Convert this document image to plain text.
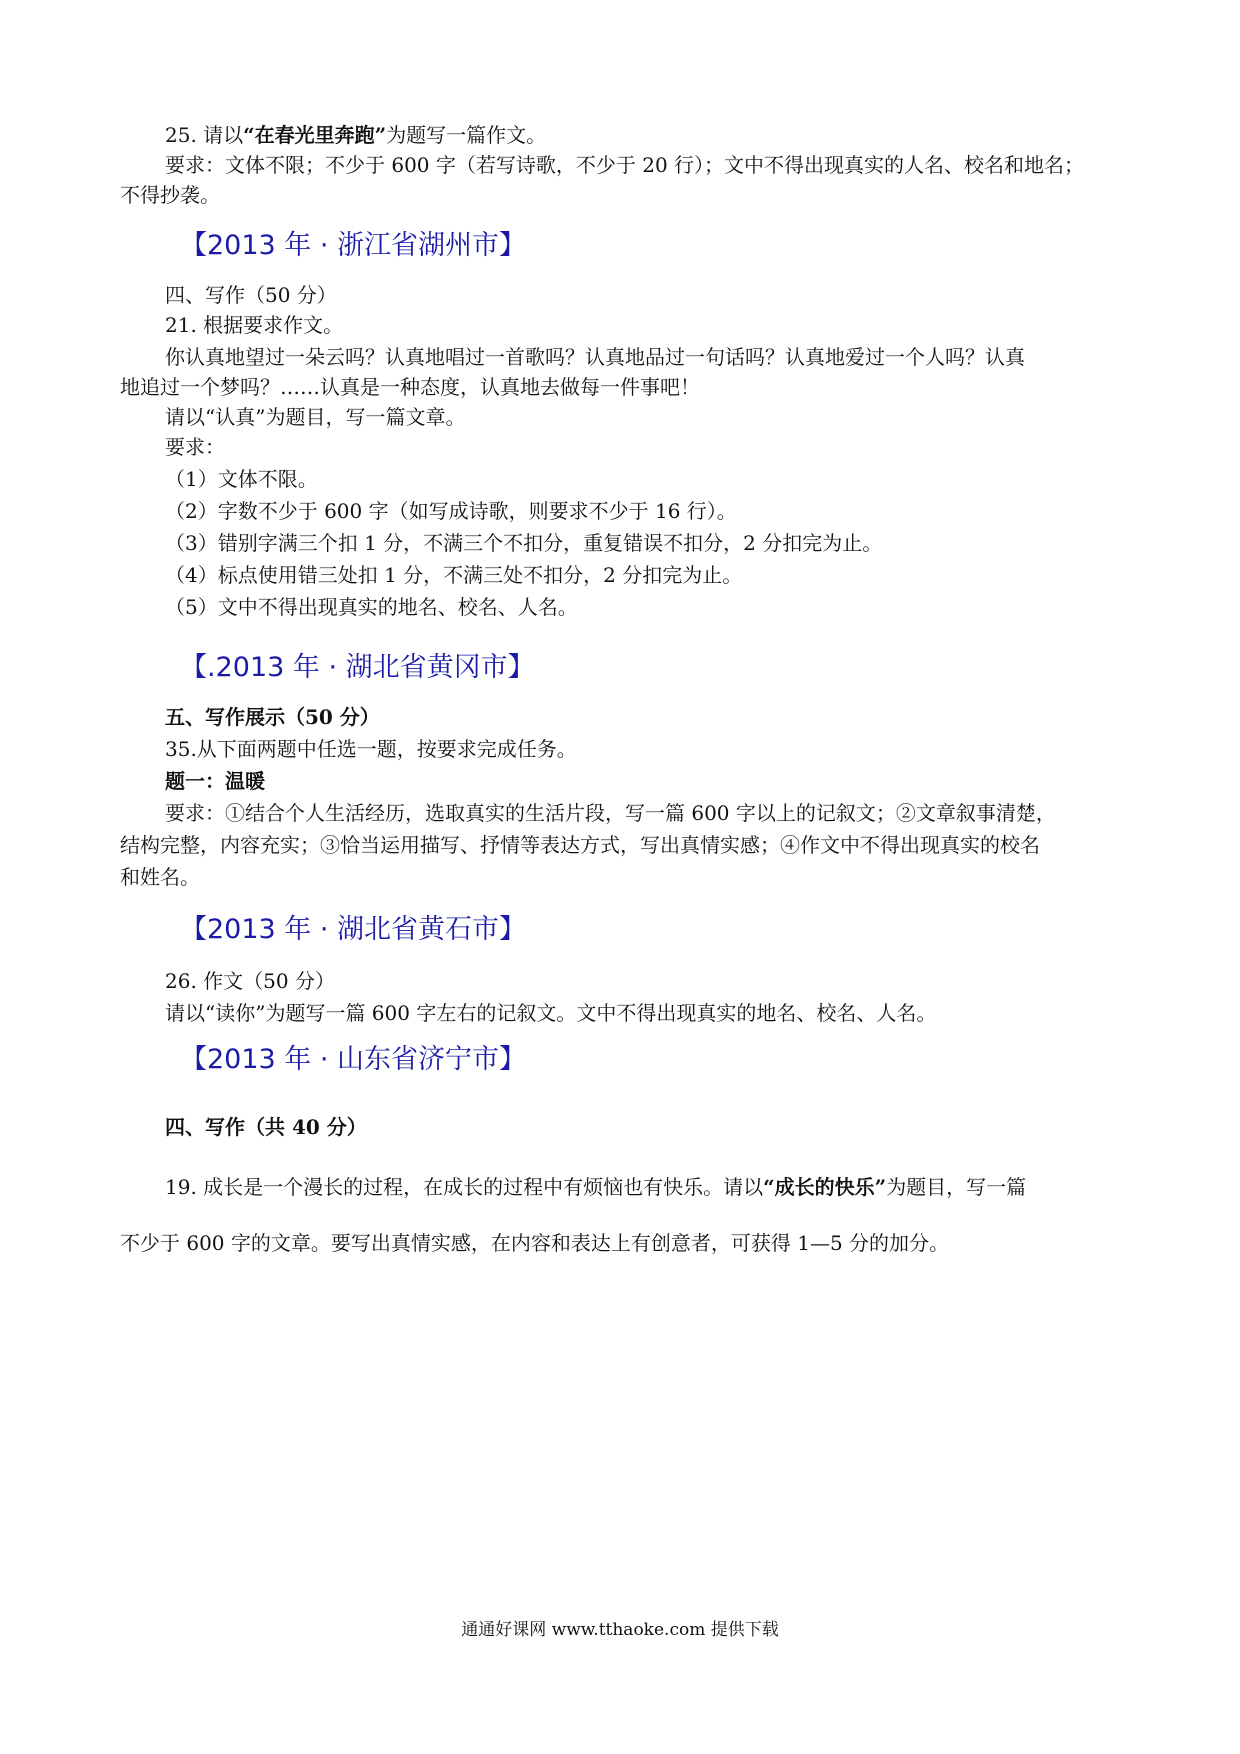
25. 请以“在春光里奔跑”为题写一篇作文。
要求：文体不限；不少于 600 字（若写诗歌，不少于 20 行）；文中不得出现真实的人名、校名和地名；
不得抄袭。
【2013 年 · 浙江省湖州市】
四、写作（50 分）
21. 根据要求作文。
你认真地望过一朵云吗？认真地唱过一首歌吗？认真地品过一句话吗？认真地爱过一个人吗？认真
地追过一个梦吗？……认真是一种态度，认真地去做每一件事吧！
请以“认真”为题目，写一篇文章。
要求：
（1）文体不限。
（2）字数不少于 600 字（如写成诗歌，则要求不少于 16 行）。
（3）错别字满三个扣 1 分，不满三个不扣分，重复错误不扣分，2 分扣完为止。
（4）标点使用错三处扣 1 分，不满三处不扣分，2 分扣完为止。
（5）文中不得出现真实的地名、校名、人名。
【.2013 年 · 湖北省黄冈市】
五、写作展示（50 分）
35.从下面两题中任选一题，按要求完成任务。
题一：温暖
要求：①结合个人生活经历，选取真实的生活片段，写一篇 600 字以上的记叙文；②文章叙事清楚，
结构完整，内容充实；③恰当运用描写、抒情等表达方式，写出真情实感；④作文中不得出现真实的校名
和姓名。
【2013 年 · 湖北省黄石市】
26. 作文（50 分）
请以“读你”为题写一篇 600 字左右的记叙文。文中不得出现真实的地名、校名、人名。
【2013 年 · 山东省济宁市】
四、写作（共 40 分）
19. 成长是一个漫长的过程，在成长的过程中有烦恼也有快乐。请以“成长的快乐”为题目，写一篇
不少于 600 字的文章。要写出真情实感，在内容和表达上有创意者，可获得 1—5 分的加分。
通通好课网 www.tthaoke.com 提供下载
